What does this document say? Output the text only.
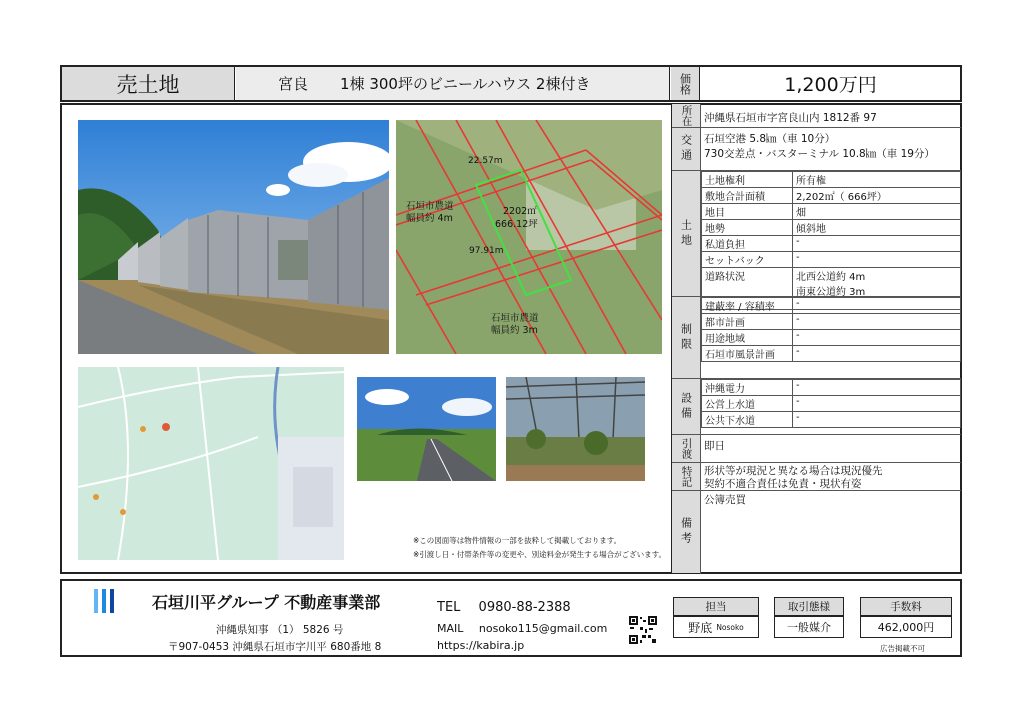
売土地	宮良 1棟 300坪のビニールハウス 2棟付き	価格	1,200万円
22.57m
2202㎡
666.12坪
97.91m
石垣市農道
幅員約 4m
石垣市農道
幅員約 3m
※この図面等は物件情報の一部を抜粋して掲載しております。
※引渡し日・付帯条件等の変更や、別途料金が発生する場合がございます。
所在 沖縄県石垣市字宮良山内 1812番 97
交通 石垣空港 5.8㎞（車 10分）
730交差点・バスターミナル 10.8㎞（車 19分）
土地
土地権利	所有権
敷地合計面積	2,202㎡（ 666坪）
地目	畑
地勢	傾斜地
私道負担	-
セットバック	-
道路状況	北西公道約 4m
南東公道約 3m
制限
建蔽率 / 容積率	-
都市計画	-
用途地域	-
石垣市風景計画	-
設備
沖縄電力	-
公営上水道	-
公共下水道	-
引渡 即日
特記 形状等が現況と異なる場合は現況優先
契約不適合責任は免責・現状有姿
備考
公簿売買
石垣川平グループ 不動産事業部
沖縄県知事 （1） 5826 号
〒907-0453 沖縄県石垣市字川平 680番地 8
TEL 0980-88-2388
MAIL nosoko115@gmail.com
https://kabira.jp
担当
野底 Nosoko
取引態様
一般媒介
手数料
462,000円
広告掲載不可
